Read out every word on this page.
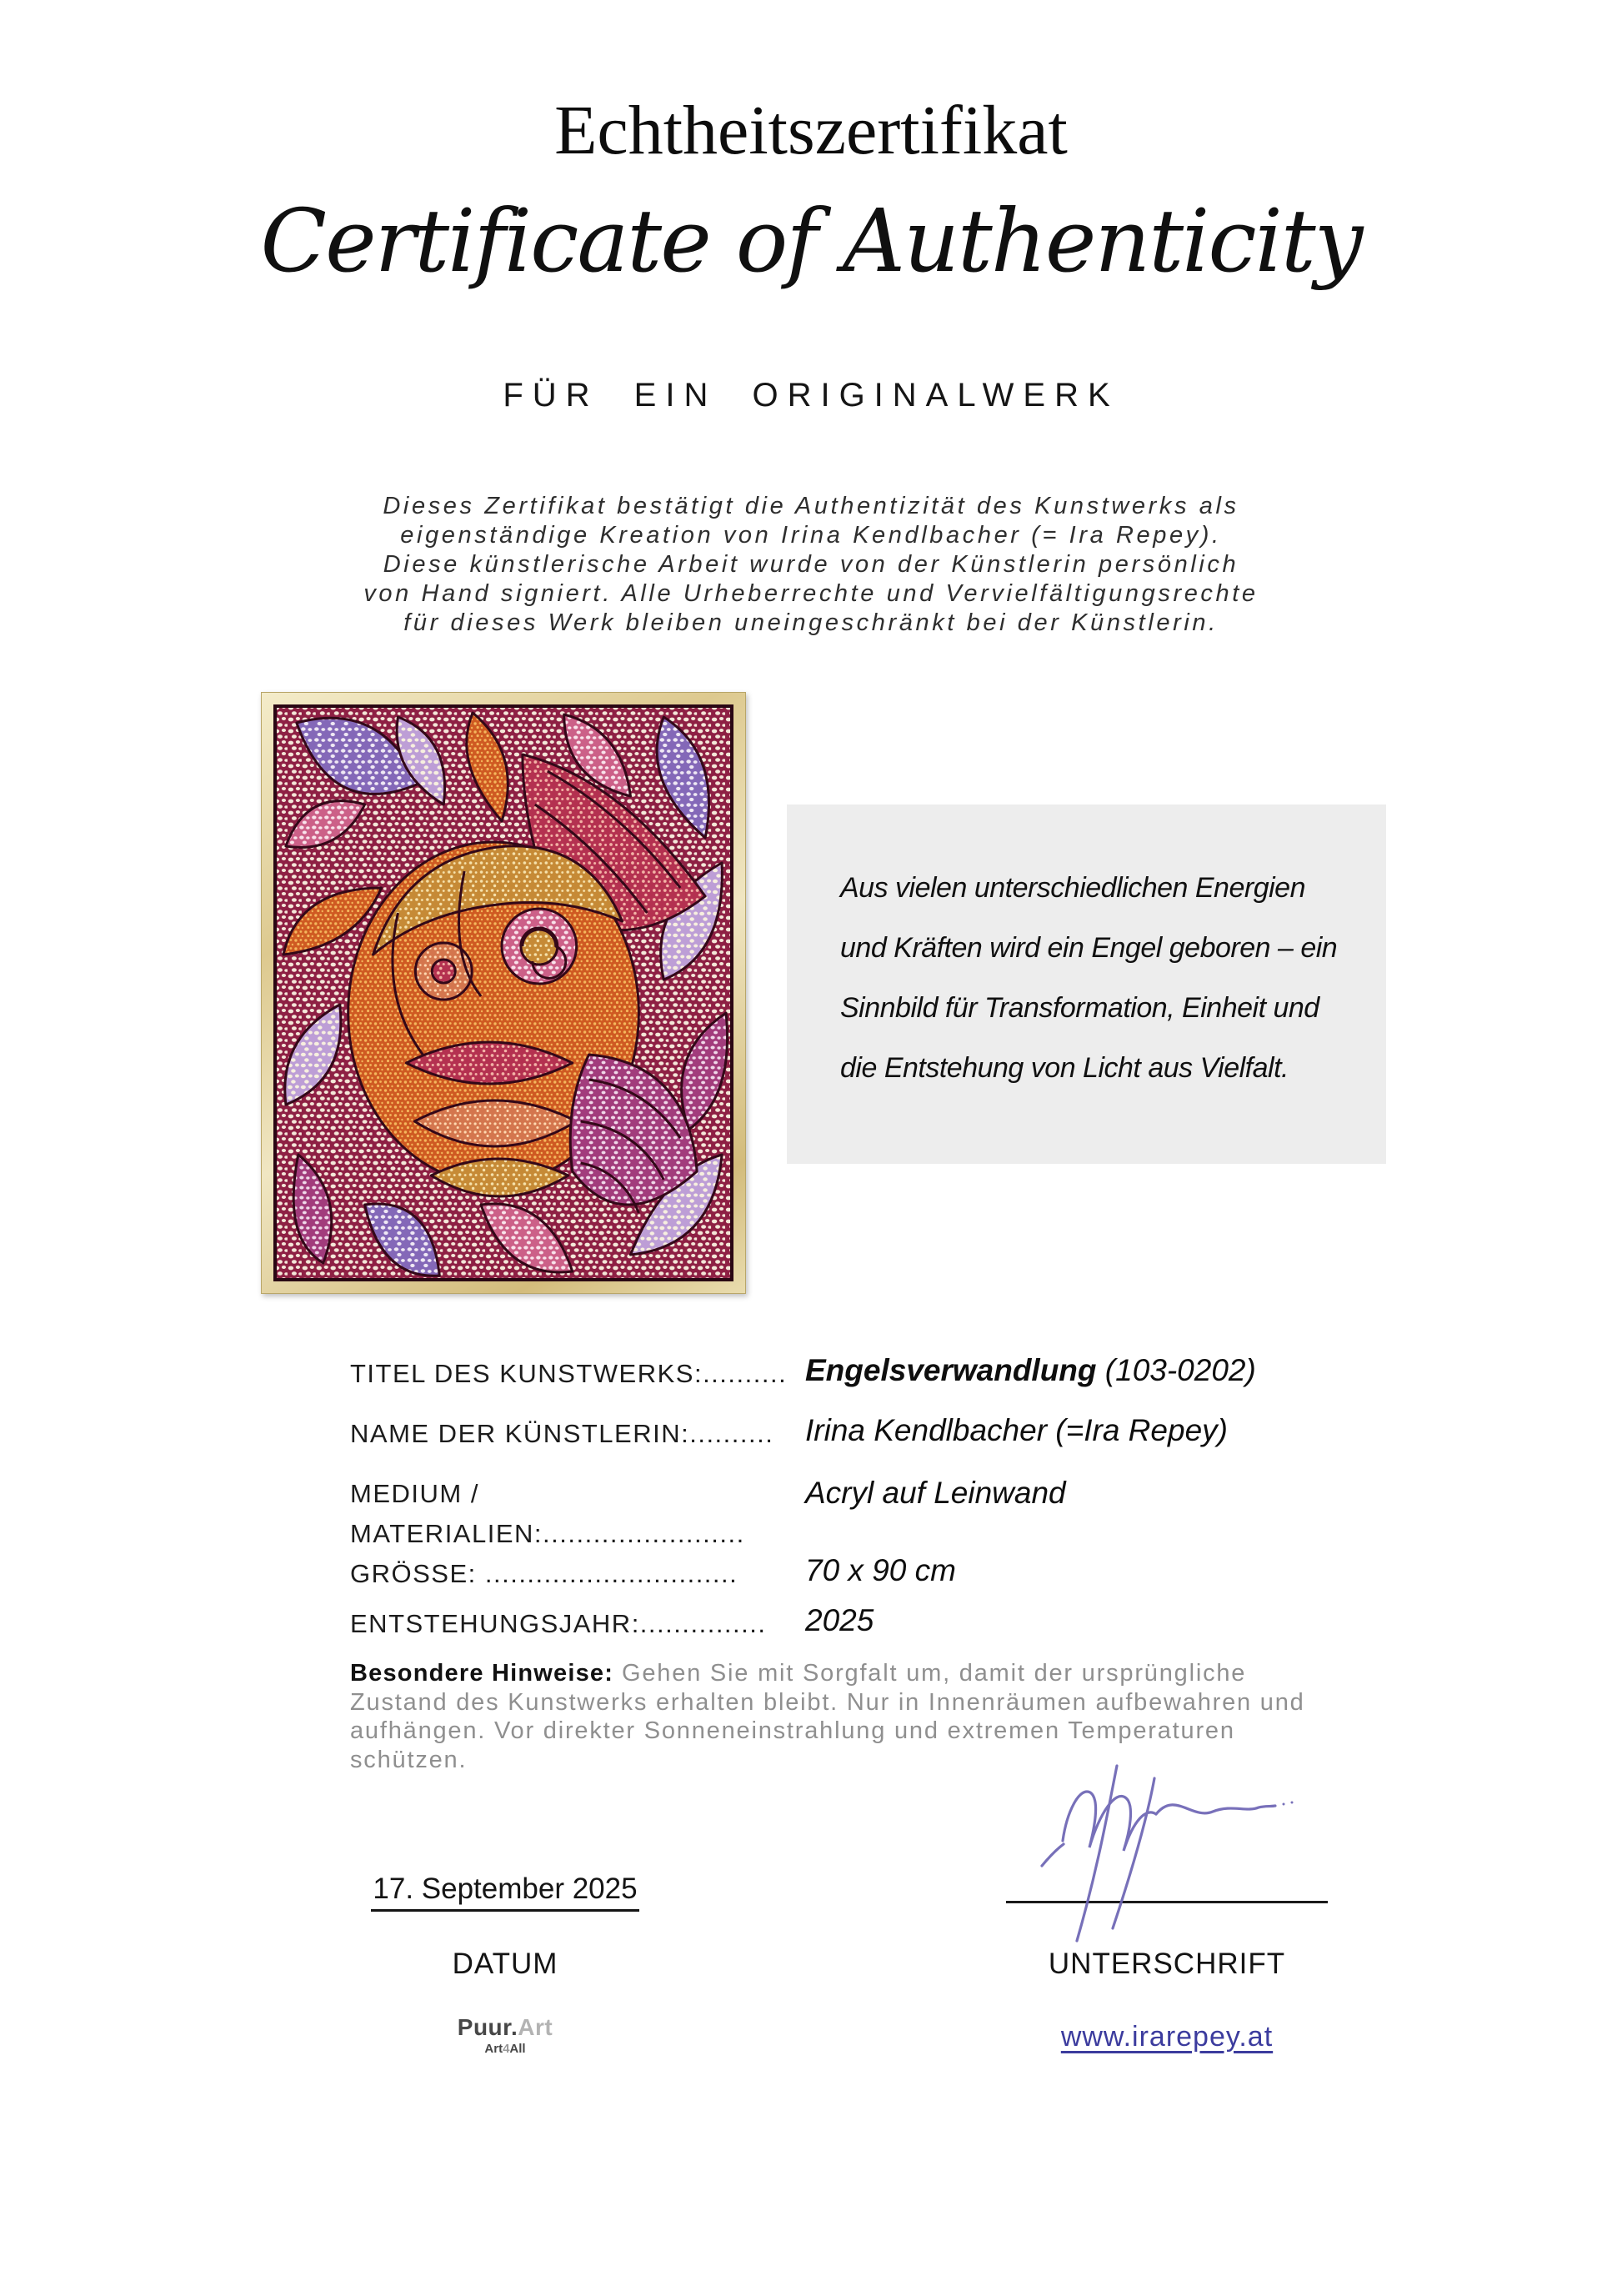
Echtheitszertifikat
Certificate of Authenticity
FÜR EIN ORIGINALWERK
Dieses Zertifikat bestätigt die Authentizität des Kunstwerks als
eigenständige Kreation von Irina Kendlbacher (= Ira Repey).
Diese künstlerische Arbeit wurde von der Künstlerin persönlich
von Hand signiert. Alle Urheberrechte und Vervielfältigungsrechte
für dieses Werk bleiben uneingeschränkt bei der Künstlerin.
Aus vielen unterschiedlichen Energien
und Kräften wird ein Engel geboren – ein
Sinnbild für Transformation, Einheit und
die Entstehung von Licht aus Vielfalt.
TITEL DES KUNSTWERKS:.......... Engelsverwandlung (103-0202)
NAME DER KÜNSTLERIN:.......... Irina Kendlbacher (=Ira Repey)
MEDIUM /
MATERIALIEN:........................
Acryl auf Leinwand
GRÖSSE: .............................. 70 x 90 cm
ENTSTEHUNGSJAHR:............... 2025
Besondere Hinweise: Gehen Sie mit Sorgfalt um, damit der ursprüngliche Zustand des Kunstwerks erhalten bleibt. Nur in Innenräumen aufbewahren und aufhängen. Vor direkter Sonneneinstrahlung und extremen Temperaturen schützen.
17. September 2025
DATUM	UNTERSCHRIFT
Puur.Art
Art4All	www.irarepey.at
